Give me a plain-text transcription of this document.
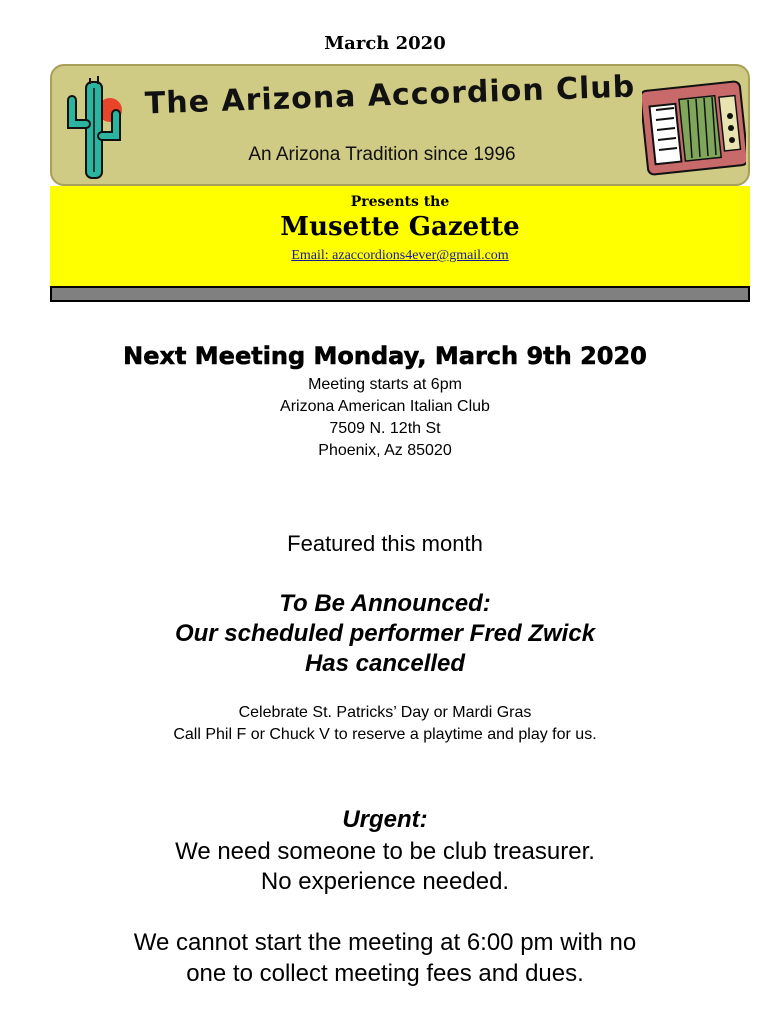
March 2020
The Arizona Accordion Club
An Arizona Tradition since 1996
Presents the
Musette Gazette
Email: azaccordions4ever@gmail.com
Next Meeting Monday, March 9th 2020
Meeting starts at 6pm
Arizona American Italian Club
7509 N. 12th St
Phoenix, Az 85020
Featured this month
To Be Announced:
Our scheduled performer Fred Zwick
Has cancelled
Celebrate St. Patricks’ Day or Mardi Gras
Call Phil F or Chuck V to reserve a playtime and play for us.
Urgent:
We need someone to be club treasurer.
No experience needed.
We cannot start the meeting at 6:00 pm with no
one to collect meeting fees and dues.
